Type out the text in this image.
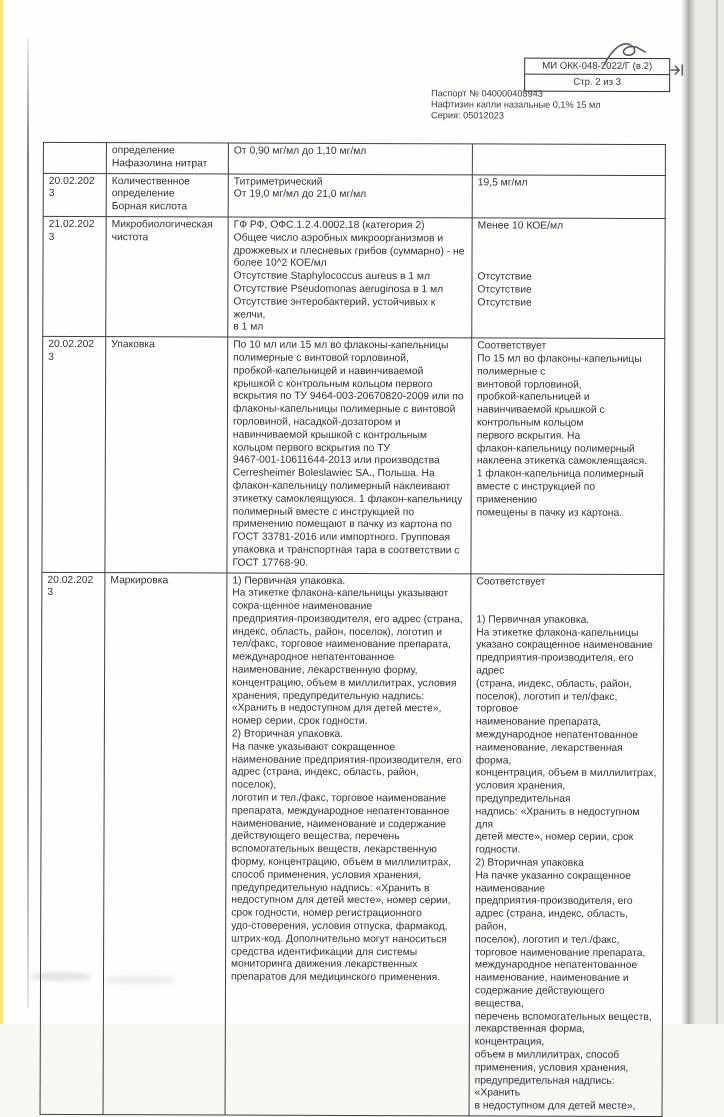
МИ ОКК-048-2022/Г (в.2)
Стр. 2 из 3
Паспорт № 040000408943
Нафтизин капли назальные 0,1% 15 мл
Серия: 05012023
	определение
Нафазолина нитрат	От 0,90 мг/мл до 1,10 мг/мл	
20.02.2023	Количественное
определение
Борная кислота	Титриметрический
От 19,0 мг/мл до 21,0 мг/мл	19,5 мг/мл
21.02.2023	Микробиологическая
чистота	ГФ РФ, ОФС.1.2.4.0002.18 (категория 2)
Общее число аэробных микроорганизмов и
дрожжевых и плесневых грибов (суммарно) - не
более 10^2 КОЕ/мл
Отсутствие Staphylococcus aureus в 1 мл
Отсутствие Pseudomonas aeruginosa в 1 мл
Отсутствие энтеробактерий, устойчивых к желчи,
в 1 мл	Менее 10 КОЕ/мл

Отсутствие
Отсутствие
Отсутствие
20.02.2023	Упаковка	По 10 мл или 15 мл во флаконы-капельницы
полимерные с винтовой горловиной,
пробкой-капельницей и навинчиваемой
крышкой с контрольным кольцом первого
вскрытия по ТУ 9464-003-20670820-2009 или по
флаконы-капельницы полимерные с винтовой
горловиной, насадкой-дозатором и
навинчиваемой крышкой с контрольным
кольцом первого вскрытия по ТУ
9467-001-10611644-2013 или производства
Cerresheimer Boleslawiec SA., Польша. На
флакон-капельницу полимерный наклеивают
этикетку самоклеящуюся. 1 флакон-капельницу
полимерный вместе с инструкцией по
применению помещают в пачку из картона по
ГОСТ 33781-2016 или импортного. Групповая
упаковка и транспортная тара в соответствии с
ГОСТ 17768-90.	Соответствует
По 15 мл во флаконы-капельницы
полимерные с
винтовой горловиной,
пробкой-капельницей и
навинчиваемой крышкой с
контрольным кольцом
первого вскрытия. На
флакон-капельницу полимерный
наклеена этикетка самоклеящаяся.
1 флакон-капельница полимерный
вместе с инструкцией по применению
помещены в пачку из картона.
20.02.2023	Маркировка	1) Первичная упаковка.
На этикетке флакона-капельницы указывают
сокра-щенное наименование
предприятия-производителя, его адрес (страна,
индекс, область, район, поселок), логотип и
тел/факс, торговое наименование препарата,
международное непатентованное
наименование, лекарственную форму,
концентрацию, объем в миллилитрах, условия
хранения, предупредительную надпись:
«Хранить в недоступном для детей месте»,
номер серии, срок годности.
2) Вторичная упаковка.
На пачке указывают сокращенное
наименование предприятия-производителя, его
адрес (страна, индекс, область, район, поселок),
логотип и тел./факс, торговое наименование
препарата, международное непатентованное
наименование, наименование и содержание
действующего вещества, перечень
вспомогательных веществ, лекарственную
форму, концентрацию, объем в миллилитрах,
способ применения, условия хранения,
предупредительную надпись: «Хранить в
недоступном для детей месте», номер серии,
срок годности, номер регистрационного
удо-стоверения, условия отпуска, фармакод,
штрих-код. Дополнительно могут наноситься
средства идентификации для системы
мониторинга движения лекарственных
препаратов для медицинского применения.	Соответствует

1) Первичная упаковка.
На этикетке флакона-капельницы
указано сокращенное наименование
предприятия-производителя, его адрес
(страна, индекс, область, район,
поселок), логотип и тел/факс, торговое
наименование препарата,
международное непатентованное
наименование, лекарственная форма,
концентрация, объем в миллилитрах,
условия хранения, предупредительная
надпись: «Хранить в недоступном для
детей месте», номер серии, срок
годности.
2) Вторичная упаковка
На пачке указанно сокращенное
наименование
предприятия-производителя, его
адрес (страна, индекс, область, район,
поселок), логотип и тел./факс,
торговое наименование препарата,
международное непатентованное
наименование, наименование и
содержание действующего вещества,
перечень вспомогательных веществ,
лекарственная форма, концентрация,
объем в миллилитрах, способ
применения, условия хранения,
предупредительная надпись: «Хранить
в недоступном для детей месте»,
